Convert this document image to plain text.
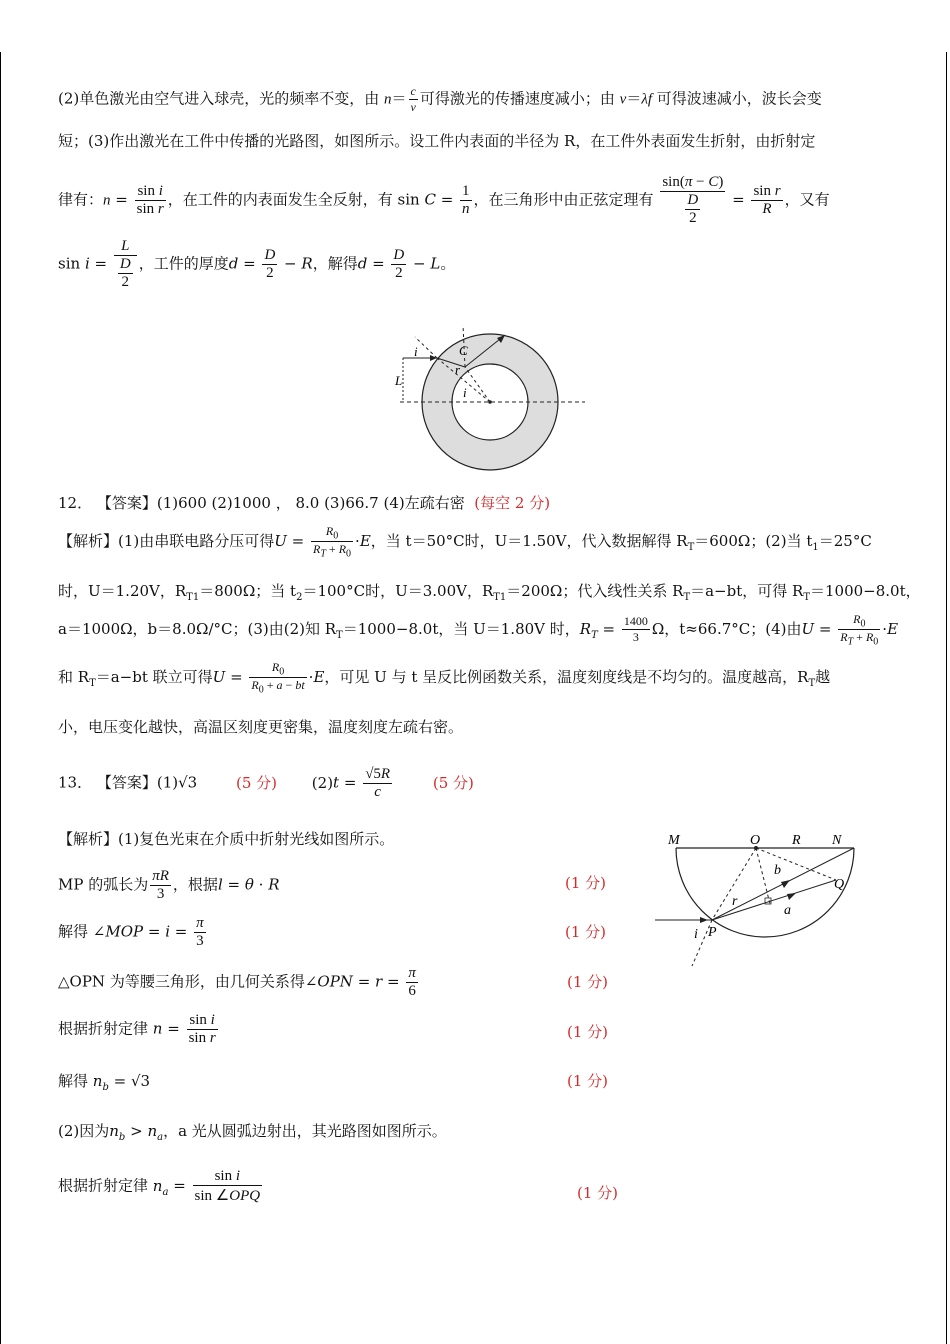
(2)单色激光由空气进入球壳，光的频率不变，由 $n= \frac{c}{v}$ 可得激光的传播速度减小；由 v＝λf 可得波速减小，波长会变
短；(3)作出激光在工件中传播的光路图，如图所示。设工件内表面的半径为 R，在工件外表面发生折射，由折射定
律有：$n = \frac{\text{sin i}}{\text{sin r}}$ ，在工件的内表面发生全反射，有 $\sin C = \frac{1}{n}$ ，在三角形中由正弦定理有 $\frac{\sin(\pi - C)}{\frac{D}{2}} = \frac{\text{sin r}}{R}$ ，又有
$\sin i = \frac{L}{\frac{D}{2}}$ ，工件的厚度$d = \frac{D}{2} - R$，解得$d = \frac{D}{2} - L$。
i	C
r
L
i
12． 【答案】(1)600 (2)1000 ， 8.0 (3)66.7 (4)左疏右密 (每空 2 分)
【解析】(1)由串联电路分压可得$U = \frac{R_0}{R_T + R_0} \cdot E$，当 t＝50°C时，U＝1.50V，代入数据解得 $R_T=600\Omega$；(2)当 $t_1=25^\circ C$
时，U＝1.20V，$R_{T1}=800\Omega$；当 $t_2=100^\circ C$时，U＝3.00V，$R_{T1}=200\Omega$；代入线性关系 $R_T=a-bt$，可得 $R_T=1000-8.0t$，
a＝1000Ω，b＝8.0Ω/°C；(3)由(2)知 $R_T=1000-8.0t$，当 U＝1.80V 时，$R_T = \frac{1400}{3}$ Ω，t≈66.7°C；(4)由$U = \frac{R_0}{R_T + R_0} \cdot E$
和 $R_T=a-bt$ 联立可得$U = \frac{R_0}{R_0 + a - bt} \cdot E$，可见 U 与 t 呈反比例函数关系，温度刻度线是不均匀的。温度越高，$R_T$越
小，电压变化越快，高温区刻度更密集，温度刻度左疏右密。
13． 【答案】(1)√3 (5 分) $(2)t = \frac{√5R}{c}$	(5 分)
【解析】(1)复色光束在介质中折射光线如图所示。
MP 的弧长为 $\frac{\pi R}{3}$ ，根据l = θ · R
解得 ∠MOP = $i = \frac{\pi}{3}$
△OPN 为等腰三角形，由几何关系得∠OPN = $r = \frac{\pi}{6}$
根据折射定律 $n = \frac{\text{sin i}}{\text{sin r}}$
解得 $n_b = √3$
(2)因为$n_b > n_a$，a 光从圆弧边射出，其光路图如图所示。
根据折射定律 $n_a = \frac{\text{sin i}}{\text{sin ∠OPQ}}$
(1 分)
(1 分)
(1 分)
(1 分)
(1 分)
(1 分)
M	O R N
b
Q
r
a
i P
